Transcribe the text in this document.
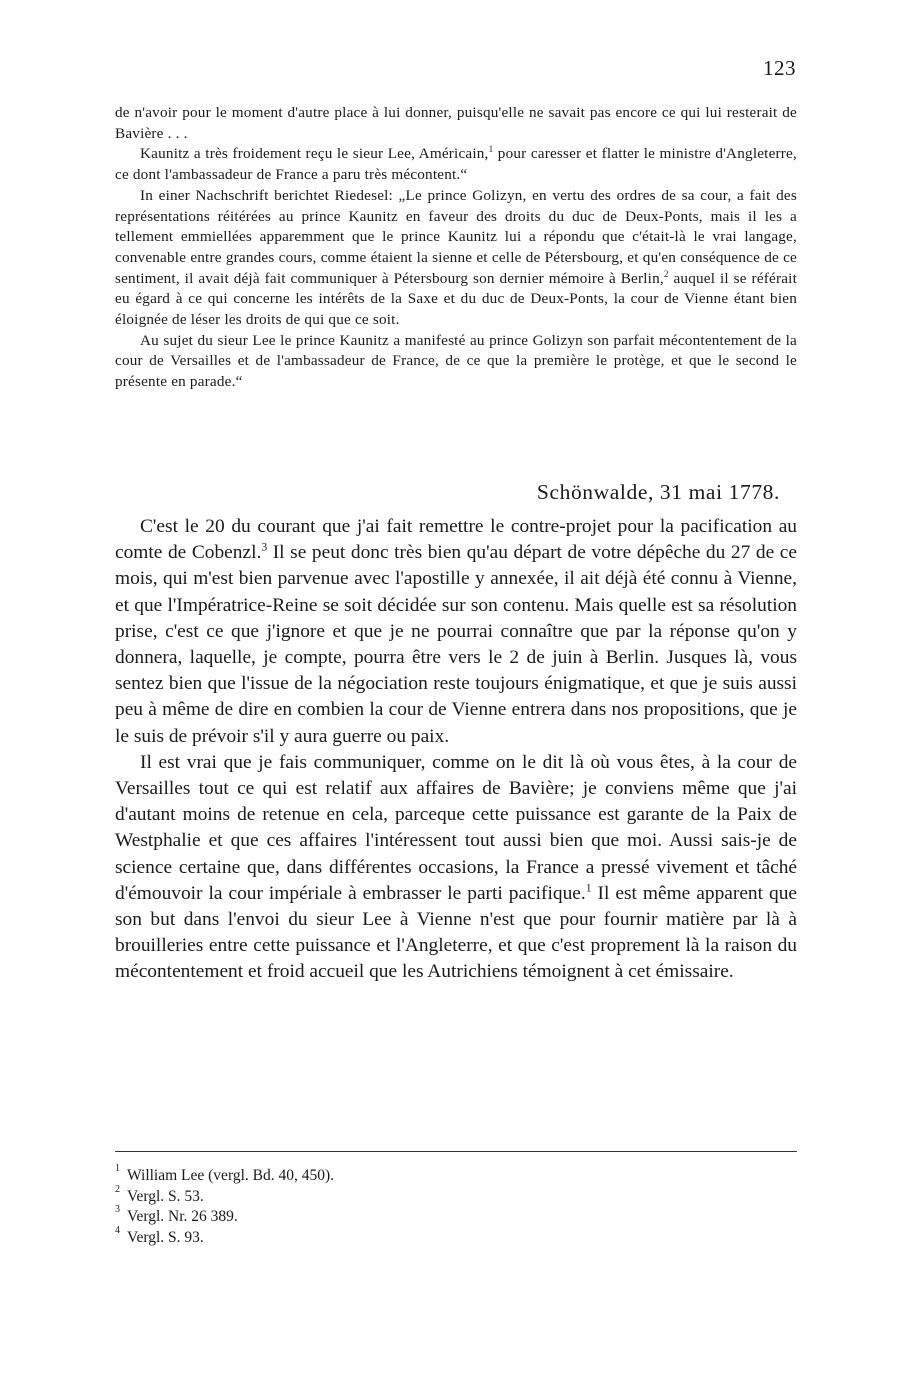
123

de n'avoir pour le moment d'autre place à lui donner, puisqu'elle ne savait pas encore ce qui lui resterait de Bavière . . .

Kaunitz a très froidement reçu le sieur Lee, Américain,$^1$ pour caresser et flatter le ministre d'Angleterre, ce dont l'ambassadeur de France a paru très mécontent.“

In einer Nachschrift berichtet Riedesel: „Le prince Golizyn, en vertu des ordres de sa cour, a fait des représentations réitérées au prince Kaunitz en faveur des droits du duc de Deux-Ponts, mais il les a tellement emmiellées apparemment que le prince Kaunitz lui a répondu que c'était-là le vrai langage, convenable entre grandes cours, comme étaient la sienne et celle de Pétersbourg, et qu'en conséquence de ce sentiment, il avait déjà fait communiquer à Pétersbourg son dernier mémoire à Berlin,$^2$ auquel il se référait eu égard à ce qui concerne les intérêts de la Saxe et du duc de Deux-Ponts, la cour de Vienne étant bien éloignée de léser les droits de qui que ce soit.

Au sujet du sieur Lee le prince Kaunitz a manifesté au prince Golizyn son parfait mécontentement de la cour de Versailles et de l'ambassadeur de France, de ce que la première le protège, et que le second le présente en parade.“

Schönwalde, 31 mai 1778.

C'est le 20 du courant que j'ai fait remettre le contre-projet pour la pacification au comte de Cobenzl.$^3$ Il se peut donc très bien qu'au départ de votre dépêche du 27 de ce mois, qui m'est bien parvenue avec l'apostille y annexée, il ait déjà été connu à Vienne, et que l'Impératrice-Reine se soit décidée sur son contenu. Mais quelle est sa résolution prise, c'est ce que j'ignore et que je ne pourrai connaître que par la réponse qu'on y donnera, laquelle, je compte, pourra être vers le 2 de juin à Berlin. Jusques là, vous sentez bien que l'issue de la négociation reste toujours énigmatique, et que je suis aussi peu à même de dire en combien la cour de Vienne entrera dans nos propositions, que je le suis de prévoir s'il y aura guerre ou paix.

Il est vrai que je fais communiquer, comme on le dit là où vous êtes, à la cour de Versailles tout ce qui est relatif aux affaires de Bavière; je conviens même que j'ai d'autant moins de retenue en cela, parceque cette puissance est garante de la Paix de Westphalie et que ces affaires l'intéressent tout aussi bien que moi. Aussi sais-je de science certaine que, dans différentes occasions, la France a pressé vivement et tâché d'émouvoir la cour impériale à embrasser le parti pacifique.$^1$ Il est même apparent que son but dans l'envoi du sieur Lee à Vienne n'est que pour fournir matière par là à brouilleries entre cette puissance et l'Angleterre, et que c'est proprement là la raison du mécontentement et froid accueil que les Autrichiens témoignent à cet émissaire.

1 William Lee (vergl. Bd. 40, 450).
2 Vergl. S. 53.
3 Vergl. Nr. 26 389.
4 Vergl. S. 93.
